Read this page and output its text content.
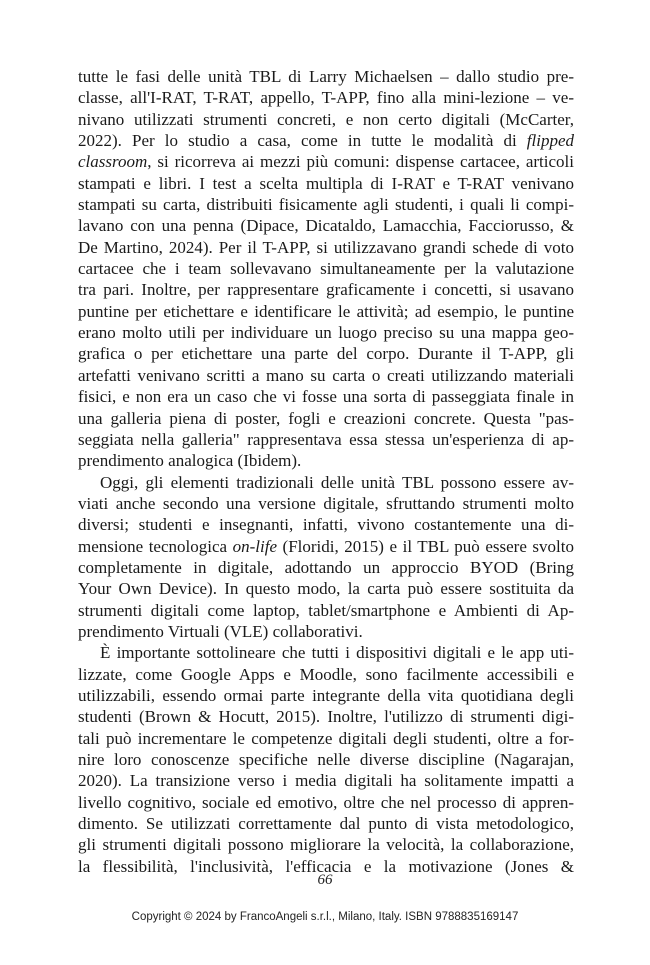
tutte le fasi delle unità TBL di Larry Michaelsen – dallo studio pre-
classe, all'I-RAT, T-RAT, appello, T-APP, fino alla mini-lezione – ve-
nivano utilizzati strumenti concreti, e non certo digitali (McCarter,
2022). Per lo studio a casa, come in tutte le modalità di flipped
classroom, si ricorreva ai mezzi più comuni: dispense cartacee, articoli
stampati e libri. I test a scelta multipla di I-RAT e T-RAT venivano
stampati su carta, distribuiti fisicamente agli studenti, i quali li compi-
lavano con una penna (Dipace, Dicataldo, Lamacchia, Facciorusso, &
De Martino, 2024). Per il T-APP, si utilizzavano grandi schede di voto
cartacee che i team sollevavano simultaneamente per la valutazione
tra pari. Inoltre, per rappresentare graficamente i concetti, si usavano
puntine per etichettare e identificare le attività; ad esempio, le puntine
erano molto utili per individuare un luogo preciso su una mappa geo-
grafica o per etichettare una parte del corpo. Durante il T-APP, gli
artefatti venivano scritti a mano su carta o creati utilizzando materiali
fisici, e non era un caso che vi fosse una sorta di passeggiata finale in
una galleria piena di poster, fogli e creazioni concrete. Questa "pas-
seggiata nella galleria" rappresentava essa stessa un'esperienza di ap-
prendimento analogica (Ibidem).
Oggi, gli elementi tradizionali delle unità TBL possono essere av-
viati anche secondo una versione digitale, sfruttando strumenti molto
diversi; studenti e insegnanti, infatti, vivono costantemente una di-
mensione tecnologica on-life (Floridi, 2015) e il TBL può essere svolto
completamente in digitale, adottando un approccio BYOD (Bring
Your Own Device). In questo modo, la carta può essere sostituita da
strumenti digitali come laptop, tablet/smartphone e Ambienti di Ap-
prendimento Virtuali (VLE) collaborativi.
È importante sottolineare che tutti i dispositivi digitali e le app uti-
lizzate, come Google Apps e Moodle, sono facilmente accessibili e
utilizzabili, essendo ormai parte integrante della vita quotidiana degli
studenti (Brown & Hocutt, 2015). Inoltre, l'utilizzo di strumenti digi-
tali può incrementare le competenze digitali degli studenti, oltre a for-
nire loro conoscenze specifiche nelle diverse discipline (Nagarajan,
2020). La transizione verso i media digitali ha solitamente impatti a
livello cognitivo, sociale ed emotivo, oltre che nel processo di appren-
dimento. Se utilizzati correttamente dal punto di vista metodologico,
gli strumenti digitali possono migliorare la velocità, la collaborazione,
la flessibilità, l'inclusività, l'efficacia e la motivazione (Jones &
66
Copyright © 2024 by FrancoAngeli s.r.l., Milano, Italy. ISBN 9788835169147
